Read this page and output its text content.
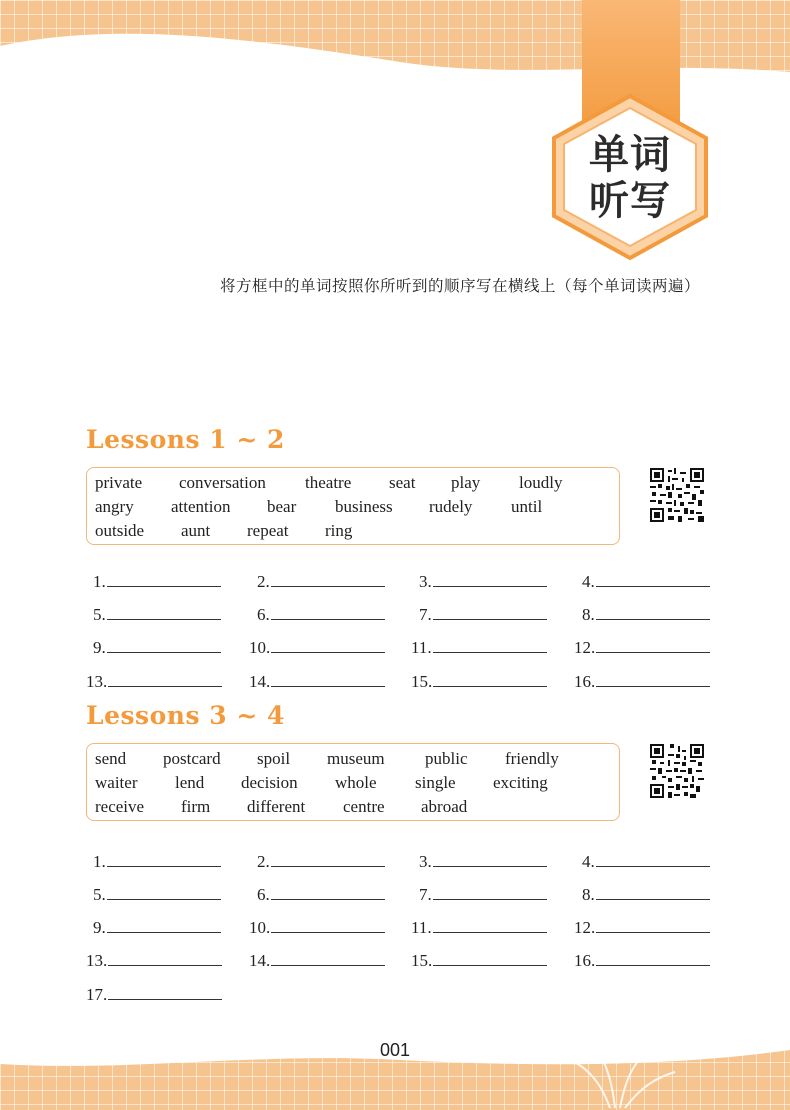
单词
听写
将方框中的单词按照你所听到的顺序写在横线上（每个单词读两遍）
Lessons 1 ~ 2
private conversation theatre seat play loudly
angry attention bear business rudely until
outside aunt repeat ring
1.	2.	3.	4.
5.	6.	7.	8.
9.	10.	11.	12.
13.	14.	15.	16.
Lessons 3 ~ 4
send postcard spoil museum public friendly
waiter lend decision whole single exciting
receive firm different centre abroad
1.	2.	3.	4.
5.	6.	7.	8.
9.	10.	11.	12.
13.	14.	15.	16.
17.
001
